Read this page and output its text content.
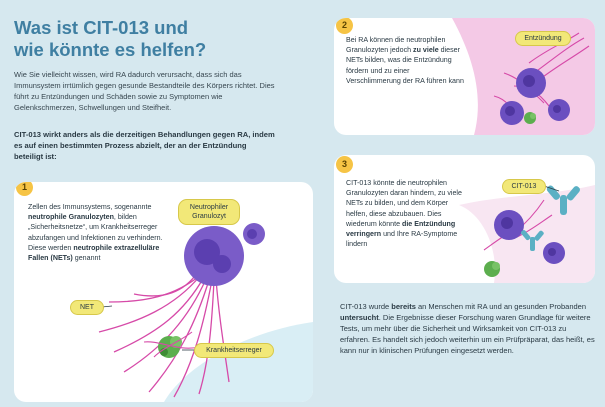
Was ist CIT-013 und
wie könnte es helfen?

Wie Sie vielleicht wissen, wird RA dadurch verursacht, dass sich das Immunsystem irrtümlich gegen gesunde Bestandteile des Körpers richtet. Dies führt zu Entzündungen und Schäden sowie zu Symptomen wie Gelenkschmerzen, Schwellungen und Steifheit.

CIT-013 wirkt anders als die derzeitigen Behandlungen gegen RA, indem es auf einen bestimmten Prozess abzielt, der an der Entzündung beteiligt ist:

1

Zellen des Immunsystems, sogenannte neutrophile Granulozyten, bilden „Sicherheitsnetze“, um Krankheitserreger abzufangen und Infektionen zu verhindern. Diese werden neutrophile extrazelluläre Fallen (NETs) genannt

Neutrophiler Granulozyt
NET
Krankheitserreger
2

Bei RA können die neutrophilen Granulozyten jedoch zu viele dieser NETs bilden, was die Entzündung fördern und zu einer Verschlimmerung der RA führen kann

Entzündung
3

CIT-013 könnte die neutrophilen Granulozyten daran hindern, zu viele NETs zu bilden, und dem Körper helfen, diese abzubauen. Dies wiederum könnte die Entzündung verringern und Ihre RA-Symptome lindern

CIT-013

CIT-013 wurde bereits an Menschen mit RA und an gesunden Probanden untersucht. Die Ergebnisse dieser Forschung waren Grundlage für weitere Tests, um mehr über die Sicherheit und Wirksamkeit von CIT-013 zu erfahren. Es handelt sich jedoch weiterhin um ein Prüfpräparat, das heißt, es kann nur in klinischen Prüfungen eingesetzt werden.
